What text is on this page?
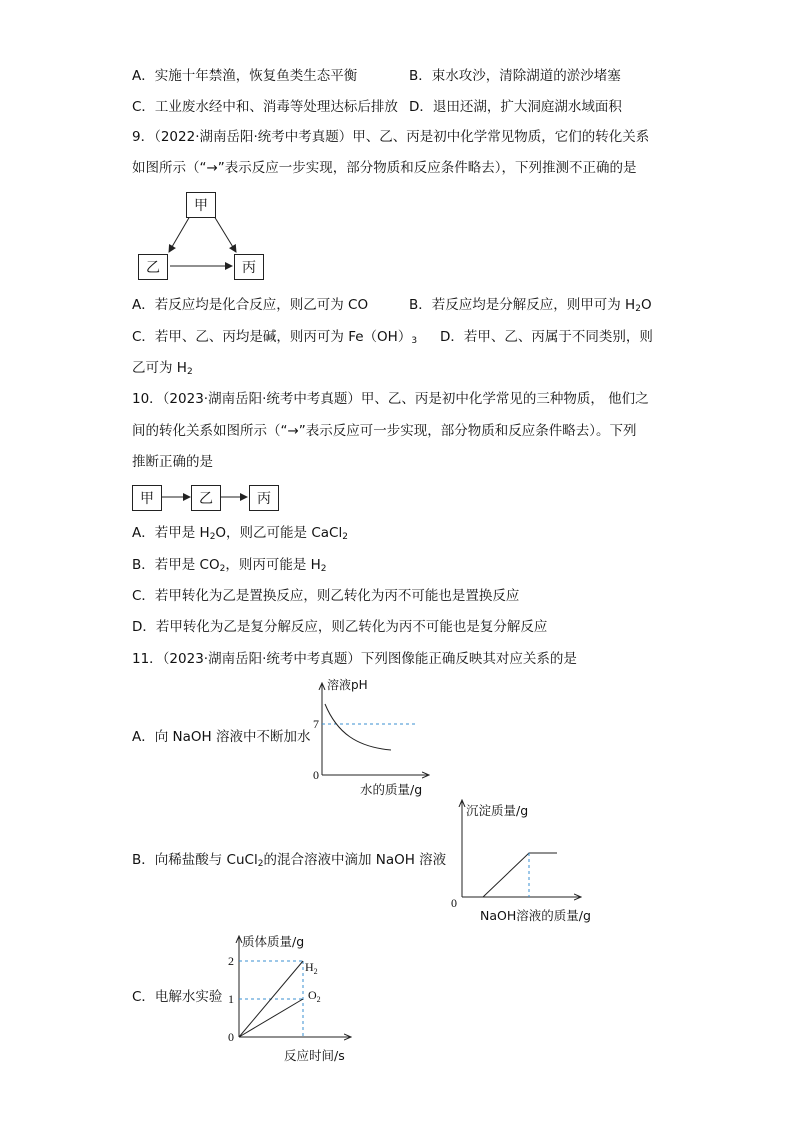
A．实施十年禁渔，恢复鱼类生态平衡	B．束水攻沙，清除湖道的淤沙堵塞
C．工业废水经中和、消毒等处理达标后排放 D．退田还湖，扩大洞庭湖水域面积
9．（2022·湖南岳阳·统考中考真题）甲、乙、丙是初中化学常见物质，它们的转化关系
如图所示（“→”表示反应一步实现，部分物质和反应条件略去），下列推测不正确的是
甲
乙	丙
A．若反应均是化合反应，则乙可为 CO	B．若反应均是分解反应，则甲可为 $H_2O$
C．若甲、乙、丙均是碱，则丙可为 $Fe(OH)_3$ D．若甲、乙、丙属于不同类别，则
乙可为 $H_2$
10．（2023·湖南岳阳·统考中考真题）甲、乙、丙是初中化学常见的三种物质， 他们之
间的转化关系如图所示（“→”表示反应可一步实现，部分物质和反应条件略去）。下列
推断正确的是
甲	乙	丙
A．若甲是 $H_2O$，则乙可能是 CaCl$_2$
B．若甲是 $CO_2$，则丙可能是 $H_2$
C．若甲转化为乙是置换反应，则乙转化为丙不可能也是置换反应
D．若甲转化为乙是复分解反应，则乙转化为丙不可能也是复分解反应
11．（2023·湖南岳阳·统考中考真题）下列图像能正确反映其对应关系的是
A．向 NaOH 溶液中不断加水
溶液pH
7
0
水的质量/g
B．向稀盐酸与 CuCl$_2$的混合溶液中滴加 NaOH 溶液
0
沉淀质量/g
NaOH溶液的质量/g
C．电解水实验
2
1
0
$H_2$
$O_2$
质体质量/g
反应时间/s
